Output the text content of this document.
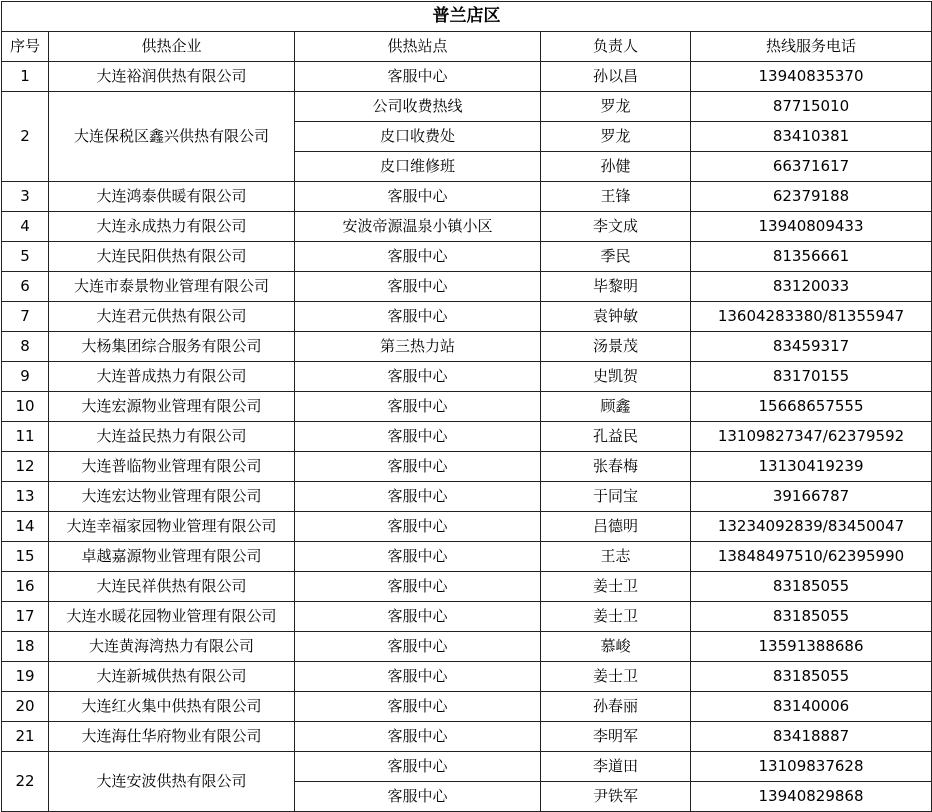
普兰店区				
序号	供热企业	供热站点	负责人	热线服务电话
1	大连裕润供热有限公司	客服中心	孙以昌	13940835370
2	大连保税区鑫兴供热有限公司	公司收费热线	罗龙	87715010
		皮口收费处	罗龙	83410381
		皮口维修班	孙健	66371617
3	大连鸿泰供暖有限公司	客服中心	王锋	62379188
4	大连永成热力有限公司	安波帝源温泉小镇小区	李文成	13940809433
5	大连民阳供热有限公司	客服中心	季民	81356661
6	大连市泰景物业管理有限公司	客服中心	毕黎明	83120033
7	大连君元供热有限公司	客服中心	袁钟敏	13604283380/81355947
8	大杨集团综合服务有限公司	第三热力站	汤景茂	83459317
9	大连普成热力有限公司	客服中心	史凯贺	83170155
10	大连宏源物业管理有限公司	客服中心	顾鑫	15668657555
11	大连益民热力有限公司	客服中心	孔益民	13109827347/62379592
12	大连普临物业管理有限公司	客服中心	张春梅	13130419239
13	大连宏达物业管理有限公司	客服中心	于同宝	39166787
14	大连幸福家园物业管理有限公司	客服中心	吕德明	13234092839/83450047
15	卓越嘉源物业管理有限公司	客服中心	王志	13848497510/62395990
16	大连民祥供热有限公司	客服中心	姜士卫	83185055
17	大连水暖花园物业管理有限公司	客服中心	姜士卫	83185055
18	大连黄海湾热力有限公司	客服中心	慕峻	13591388686
19	大连新城供热有限公司	客服中心	姜士卫	83185055
20	大连红火集中供热有限公司	客服中心	孙春丽	83140006
21	大连海仕华府物业有限公司	客服中心	李明军	83418887
22	大连安波供热有限公司	客服中心	李道田	13109837628
		客服中心	尹铁军	13940829868
